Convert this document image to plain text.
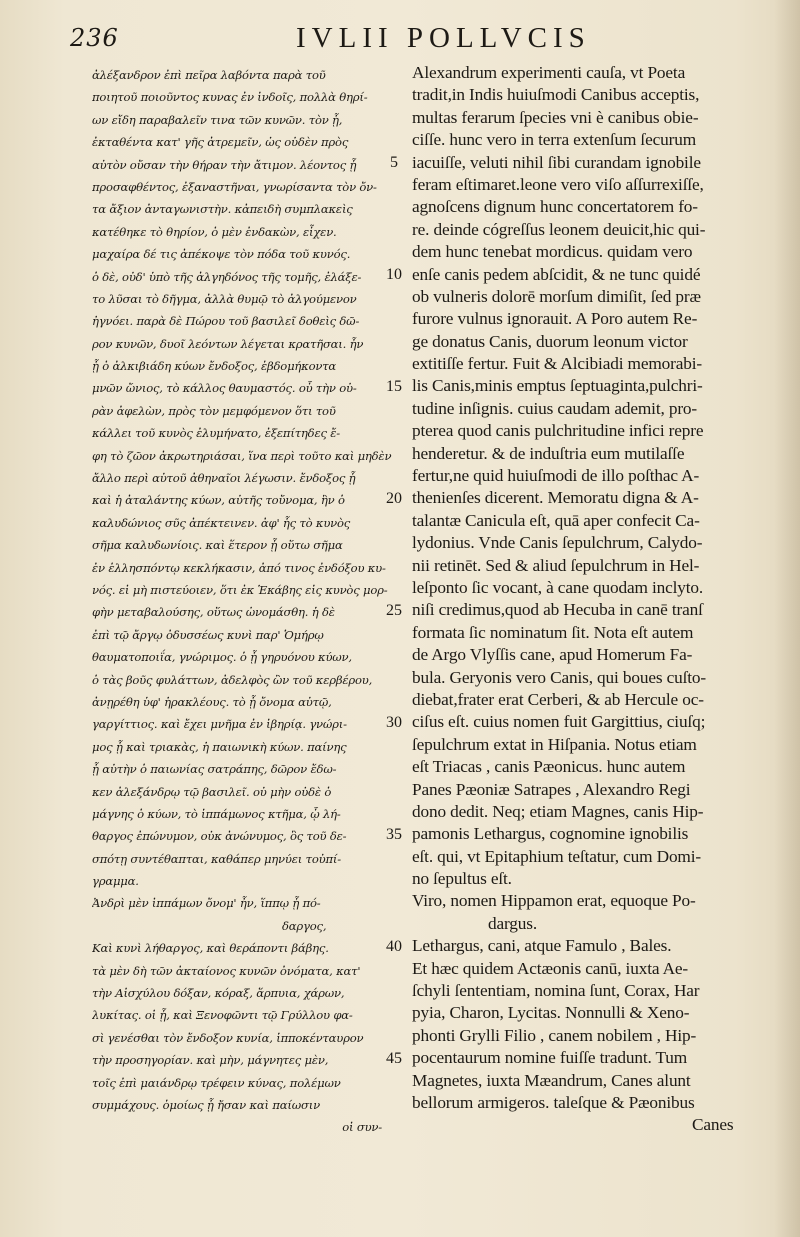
236	IVLII POLLVCIS
ἀλέξανδρον ἐπὶ πεῖρα λαβόντα παρὰ τοῦ
ποιητοῦ ποιοῦντος κυνας ἐν ἰνδοῖς, πολλὰ θηρί-
ων εἴδη παραβαλεῖν τινα τῶν κυνῶν. τὸν ᾗ,
ἐκταθέντα κατ' γῆς ἀτρεμεῖν, ὡς οὐδὲν πρὸς
αὐτὸν οὔσαν τὴν θήραν τὴν ἄτιμον. λέοντος ᾗ
προσαφθέντος, ἐξαναστῆναι, γνωρίσαντα τὸν ὄν-
τα ἄξιον ἀνταγωνιστὴν. κἀπειδὴ συμπλακεὶς
κατέθηκε τὸ θηρίον, ὁ μὲν ἐνδακὼν, εἶχεν.
μαχαίρα δέ τις ἀπέκοψε τὸν πόδα τοῦ κυνός.
ὁ δὲ, οὐδ' ὑπὸ τῆς ἀλγηδόνος τῆς τομῆς, ἐλάξε-
το λῦσαι τὸ δῆγμα, ἀλλὰ θυμῷ τὸ ἀλγούμενον
ἠγνόει. παρὰ δὲ Πώρου τοῦ βασιλεῖ δοθεὶς δῶ-
ρον κυνῶν, δυοῖ λεόντων λέγεται κρατῆσαι. ἦν
ᾗ ὁ ἀλκιβιάδη κύων ἔνδοξος, ἑβδομήκοντα
μνῶν ὤνιος, τὸ κάλλος θαυμαστός. οὗ τὴν οὐ-
ρὰν ἀφελὼν, πρὸς τὸν μεμφόμενον ὅτι τοῦ
κάλλει τοῦ κυνὸς ἐλυμήνατο, ἐξεπίτηδες ἔ-
φη τὸ ζῶον ἀκρωτηριάσαι, ἵνα περὶ τοῦτο καὶ μηδὲν
ἄλλο περὶ αὐτοῦ ἀθηναῖοι λέγωσιν. ἔνδοξος ᾗ
καὶ ἡ ἀταλάντης κύων, αὐτῆς τοὔνομα, ἣν ὁ
καλυδώνιος σῦς ἀπέκτεινεν. ἀφ' ἧς τὸ κυνὸς
σῆμα καλυδωνίοις. καὶ ἕτερον ᾗ οὕτω σῆμα
ἐν ἑλλησπόντῳ κεκλήκασιν, ἀπό τινος ἐνδόξου κυ-
νός. εἰ μὴ πιστεύοιεν, ὅτι ἐκ Ἑκάβης εἰς κυνὸς μορ-
φὴν μεταβαλούσης, οὕτως ὠνομάσθη. ἡ δὲ
ἐπὶ τῷ ἄργῳ ὀδυσσέως κυνὶ παρ' Ὁμήρῳ
θαυματοποιΐα, γνώριμος. ὁ ᾗ γηρυόνου κύων,
ὁ τὰς βοῦς φυλάττων, ἀδελφὸς ὢν τοῦ κερβέρου,
ἀνῃρέθη ὑφ' ἡρακλέους. τὸ ᾗ ὄνομα αὐτῷ,
γαργίττιος. καὶ ἔχει μνῆμα ἐν ἰβηρίᾳ. γνώρι-
μος ᾗ καὶ τριακὰς, ἡ παιωνικὴ κύων. παίνης
ᾗ αὐτὴν ὁ παιωνίας σατράπης, δῶρον ἔδω-
κεν ἀλεξάνδρῳ τῷ βασιλεῖ. οὐ μὴν οὐδὲ ὁ
μάγνης ὁ κύων, τὸ ἱππάμωνος κτῆμα, ᾧ λή-
θαργος ἐπώνυμον, οὐκ ἀνώνυμος, ὃς τοῦ δε-
σπότῃ συντέθαπται, καθάπερ μηνύει τοὐπί-
γραμμα.
Ἀνδρὶ μὲν ἱππάμων ὄνομ' ἦν, ἵππῳ ᾗ πό-
δαργος,
Καὶ κυνὶ λήθαργος, καὶ θεράποντι βάβης.
τὰ μὲν δὴ τῶν ἀκταίονος κυνῶν ὀνόματα, κατ'
τὴν Αἰσχύλου δόξαν, κόραξ, ἅρπυια, χάρων,
λυκίτας. οἱ ᾗ, καὶ Ξενοφῶντι τῷ Γρύλλου φα-
σὶ γενέσθαι τὸν ἔνδοξον κυνία, ἱπποκένταυρον
τὴν προσηγορίαν. καὶ μὴν, μάγνητες μὲν,
τοῖς ἐπὶ μαιάνδρῳ τρέφειν κύνας, πολέμων
συμμάχους. ὁμοίως ᾗ ἤσαν καὶ παίωσιν
οἱ συν-
5
10
15
20
25
30
35
40
45
Alexandrum experimenti cauſa, vt Poeta
tradit,in Indis huiuſmodi Canibus acceptis,
multas ferarum ſpecies vni è canibus obie-
ciſſe. hunc vero in terra extenſum ſecurum
iacuiſſe, veluti nihil ſibi curandam ignobile
feram eſtimaret.leone vero viſo aſſurrexiſſe,
agnoſcens dignum hunc concertatorem fo-
re. deinde cógreſſus leonem deuicit,hic qui-
dem hunc tenebat mordicus. quidam vero
enſe canis pedem abſcidit, & ne tunc quidé
ob vulneris dolorē morſum dimiſit, ſed præ
furore vulnus ignorauit. A Poro autem Re-
ge donatus Canis, duorum leonum victor
extitiſſe fertur. Fuit & Alcibiadi memorabi-
lis Canis,minis emptus ſeptuaginta,pulchri-
tudine inſignis. cuius caudam ademit, pro-
pterea quod canis pulchritudine infici repre
henderetur. & de induſtria eum mutilaſſe
fertur,ne quid huiuſmodi de illo poſthac A-
thenienſes dicerent. Memoratu digna & A-
talantæ Canicula eſt, quā aper confecit Ca-
lydonius. Vnde Canis ſepulchrum, Calydo-
nii retinēt. Sed & aliud ſepulchrum in Hel-
leſponto ſic vocant, à cane quodam inclyto.
niſi credimus,quod ab Hecuba in canē tranſ
formata ſic nominatum ſit. Nota eſt autem
de Argo Vlyſſis cane, apud Homerum Fa-
bula. Geryonis vero Canis, qui boues cuſto-
diebat,frater erat Cerberi, & ab Hercule oc-
ciſus eſt. cuius nomen fuit Gargittius, ciuſq;
ſepulchrum extat in Hiſpania. Notus etiam
eſt Triacas , canis Pæonicus. hunc autem
Panes Pæoniæ Satrapes , Alexandro Regi
dono dedit. Neq; etiam Magnes, canis Hip-
pamonis Lethargus, cognomine ignobilis
eſt. qui, vt Epitaphium teſtatur, cum Domi-
no ſepultus eſt.
Viro, nomen Hippamon erat, equoque Po-
dargus.
Lethargus, cani, atque Famulo , Bales.
Et hæc quidem Actæonis canū, iuxta Ae-
ſchyli ſententiam, nomina ſunt, Corax, Har
pyia, Charon, Lycitas. Nonnulli & Xeno-
phonti Grylli Filio , canem nobilem , Hip-
pocentaurum nomine fuiſſe tradunt. Tum
Magnetes, iuxta Mæandrum, Canes alunt
bellorum armigeros. taleſque & Pæonibus
Canes
